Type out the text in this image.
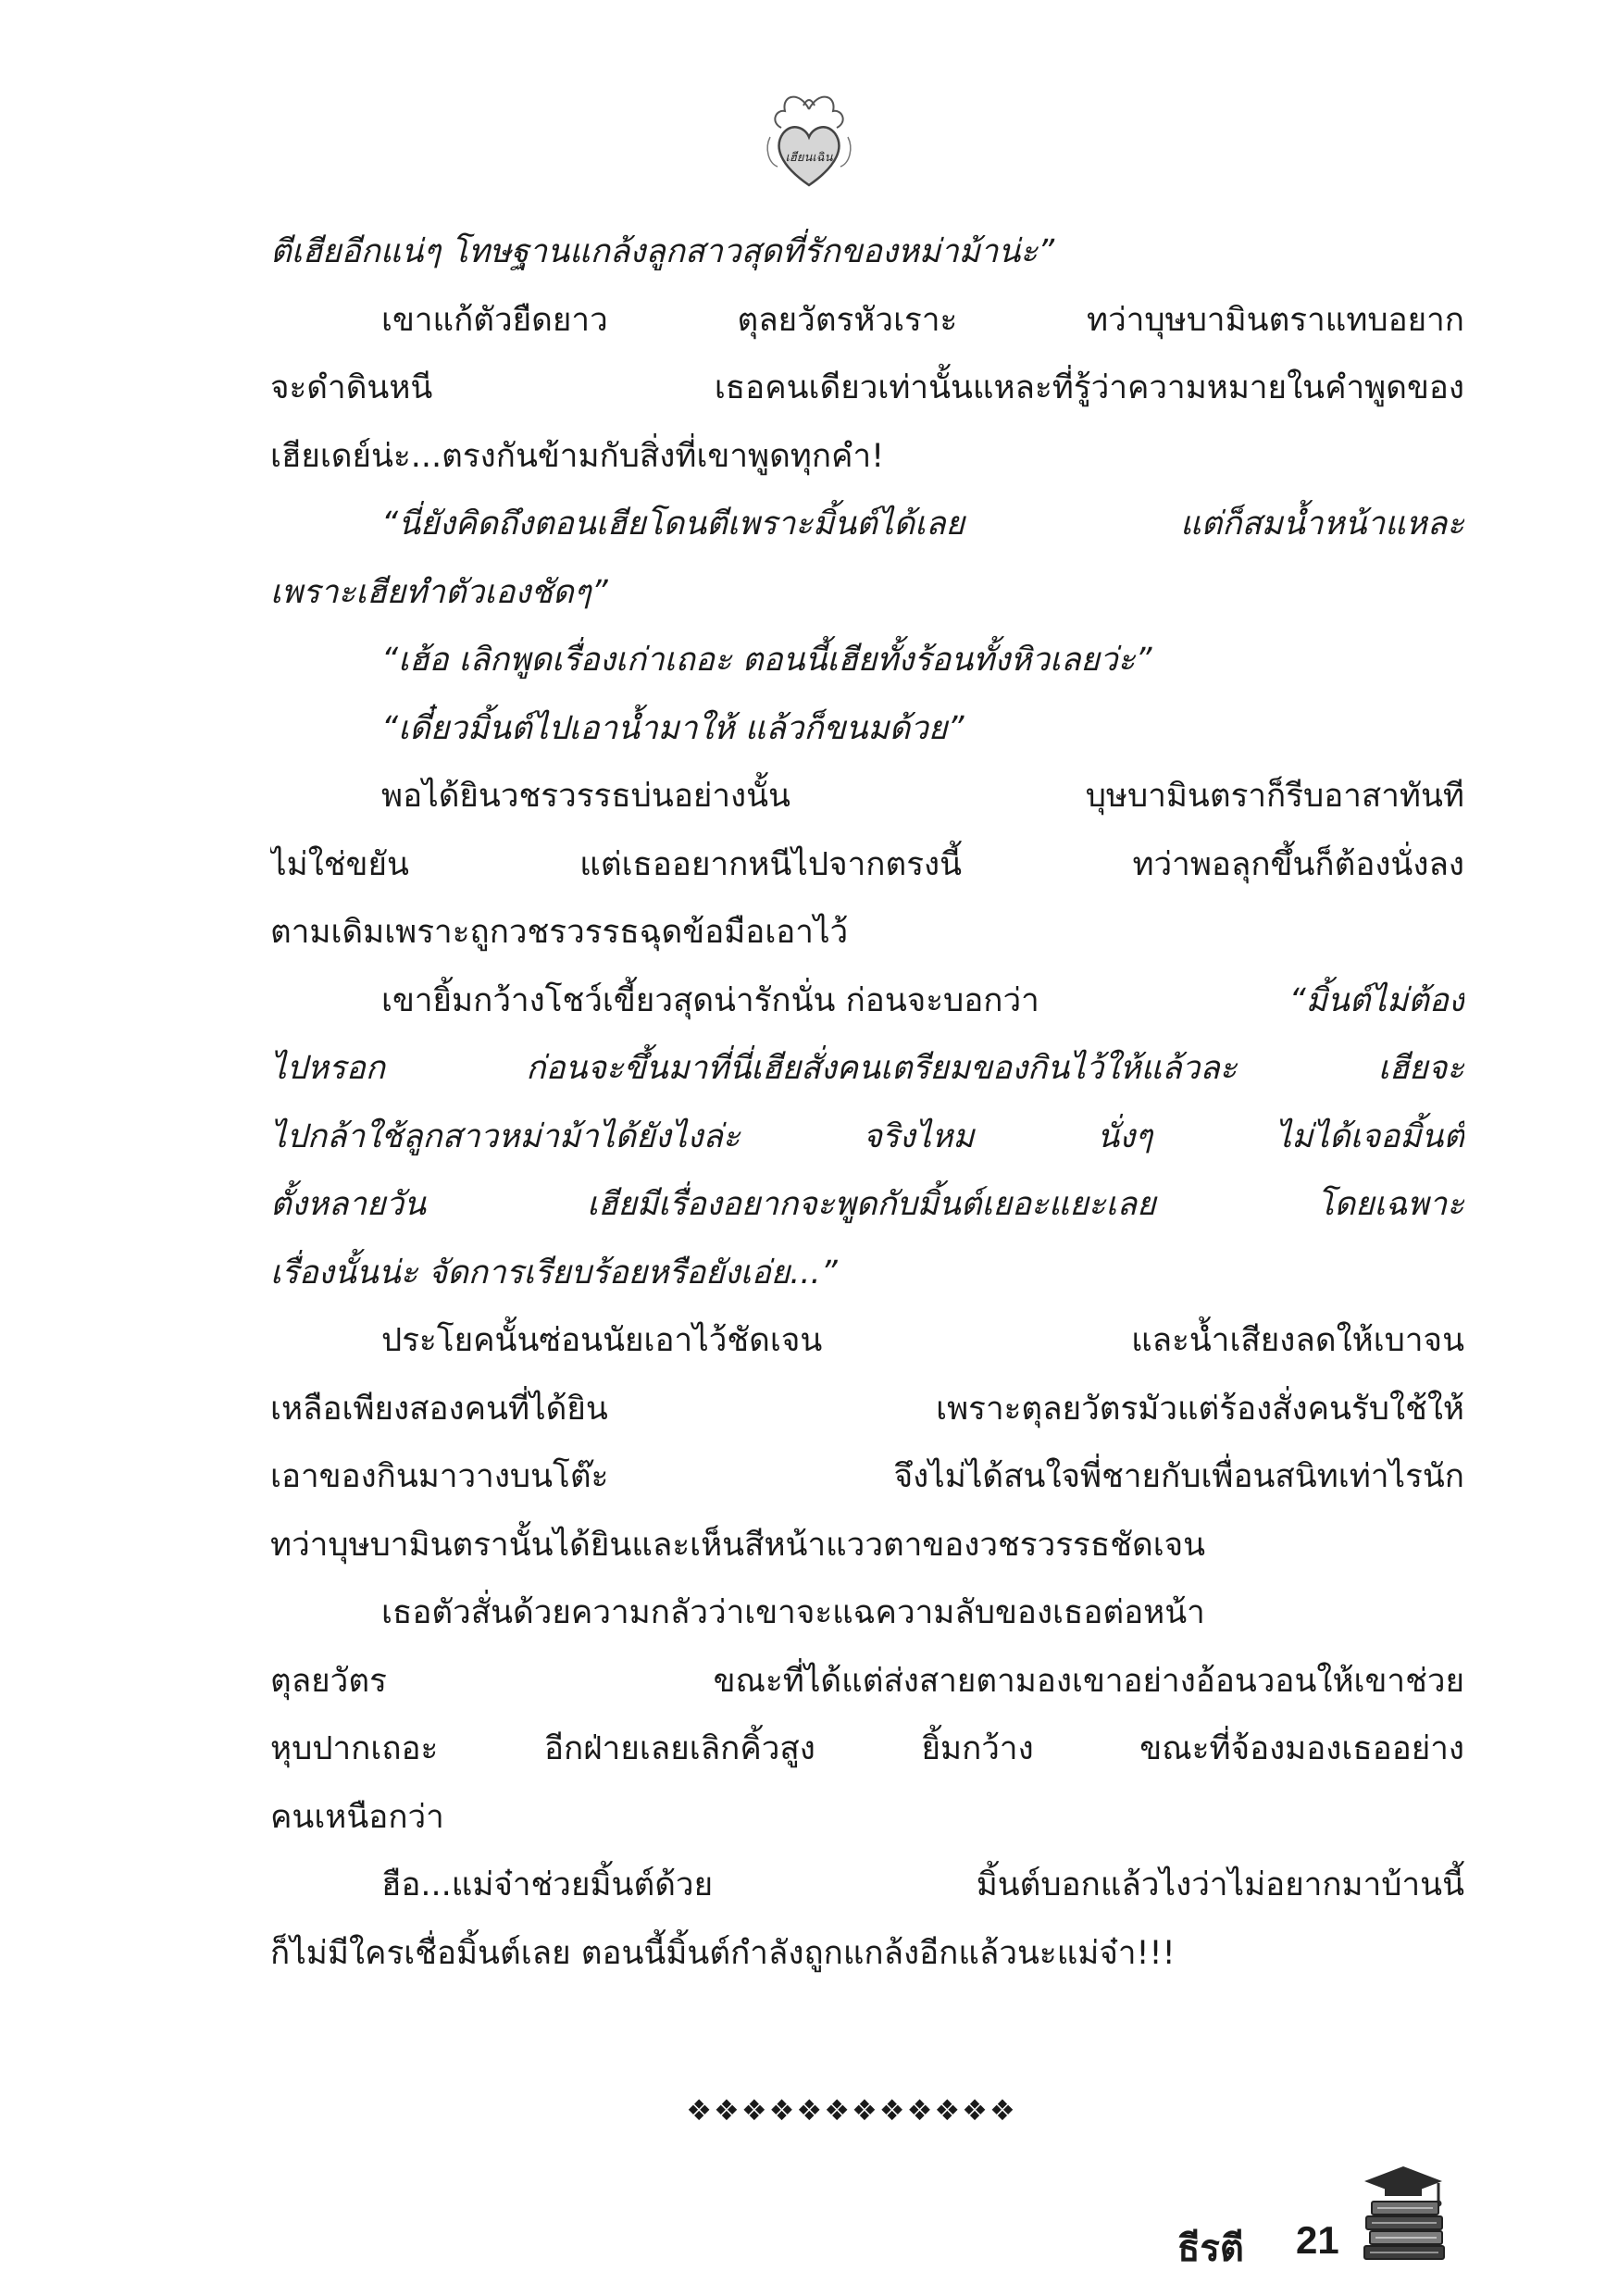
เฮียนเฉิน
ตีเฮียอีกแน่ๆ โทษฐานแกล้งลูกสาวสุดที่รักของหม่าม้าน่ะ”
เขาแก้ตัวยืดยาว	ตุลยวัตรหัวเราะ	ทว่าบุษบามินตราแทบอยาก
จะดำดินหนี	เธอคนเดียวเท่านั้นแหละที่รู้ว่าความหมายในคำพูดของ
เฮียเดย์น่ะ...ตรงกันข้ามกับสิ่งที่เขาพูดทุกคำ!
“นี่ยังคิดถึงตอนเฮียโดนตีเพราะมิ้นต์ได้เลย	แต่ก็สมน้ำหน้าแหละ
เพราะเฮียทำตัวเองชัดๆ”
“เฮ้อ เลิกพูดเรื่องเก่าเถอะ ตอนนี้เฮียทั้งร้อนทั้งหิวเลยว่ะ”
“เดี๋ยวมิ้นต์ไปเอาน้ำมาให้ แล้วก็ขนมด้วย”
พอได้ยินวชรวรรธบ่นอย่างนั้น	บุษบามินตราก็รีบอาสาทันที
ไม่ใช่ขยัน	แต่เธออยากหนีไปจากตรงนี้	ทว่าพอลุกขึ้นก็ต้องนั่งลง
ตามเดิมเพราะถูกวชรวรรธฉุดข้อมือเอาไว้
เขายิ้มกว้างโชว์เขี้ยวสุดน่ารักนั่น ก่อนจะบอกว่า	“มิ้นต์ไม่ต้อง
ไปหรอก	ก่อนจะขึ้นมาที่นี่เฮียสั่งคนเตรียมของกินไว้ให้แล้วละ	เฮียจะ
ไปกล้าใช้ลูกสาวหม่าม้าได้ยังไงล่ะ	จริงไหม	นั่งๆ	ไม่ได้เจอมิ้นต์
ตั้งหลายวัน	เฮียมีเรื่องอยากจะพูดกับมิ้นต์เยอะแยะเลย	โดยเฉพาะ
เรื่องนั้นน่ะ จัดการเรียบร้อยหรือยังเอ่ย...”
ประโยคนั้นซ่อนนัยเอาไว้ชัดเจน	และน้ำเสียงลดให้เบาจน
เหลือเพียงสองคนที่ได้ยิน	เพราะตุลยวัตรมัวแต่ร้องสั่งคนรับใช้ให้
เอาของกินมาวางบนโต๊ะ	จึงไม่ได้สนใจพี่ชายกับเพื่อนสนิทเท่าไรนัก
ทว่าบุษบามินตรานั้นได้ยินและเห็นสีหน้าแววตาของวชรวรรธชัดเจน
เธอตัวสั่นด้วยความกลัวว่าเขาจะแฉความลับของเธอต่อหน้า
ตุลยวัตร	ขณะที่ได้แต่ส่งสายตามองเขาอย่างอ้อนวอนให้เขาช่วย
หุบปากเถอะ	อีกฝ่ายเลยเลิกคิ้วสูง	ยิ้มกว้าง	ขณะที่จ้องมองเธออย่าง
คนเหนือกว่า
ฮือ...แม่จ๋าช่วยมิ้นต์ด้วย	มิ้นต์บอกแล้วไงว่าไม่อยากมาบ้านนี้
ก็ไม่มีใครเชื่อมิ้นต์เลย ตอนนี้มิ้นต์กำลังถูกแกล้งอีกแล้วนะแม่จ๋า!!!
❖❖❖❖❖❖❖❖❖❖❖❖
ธีรตี 21
